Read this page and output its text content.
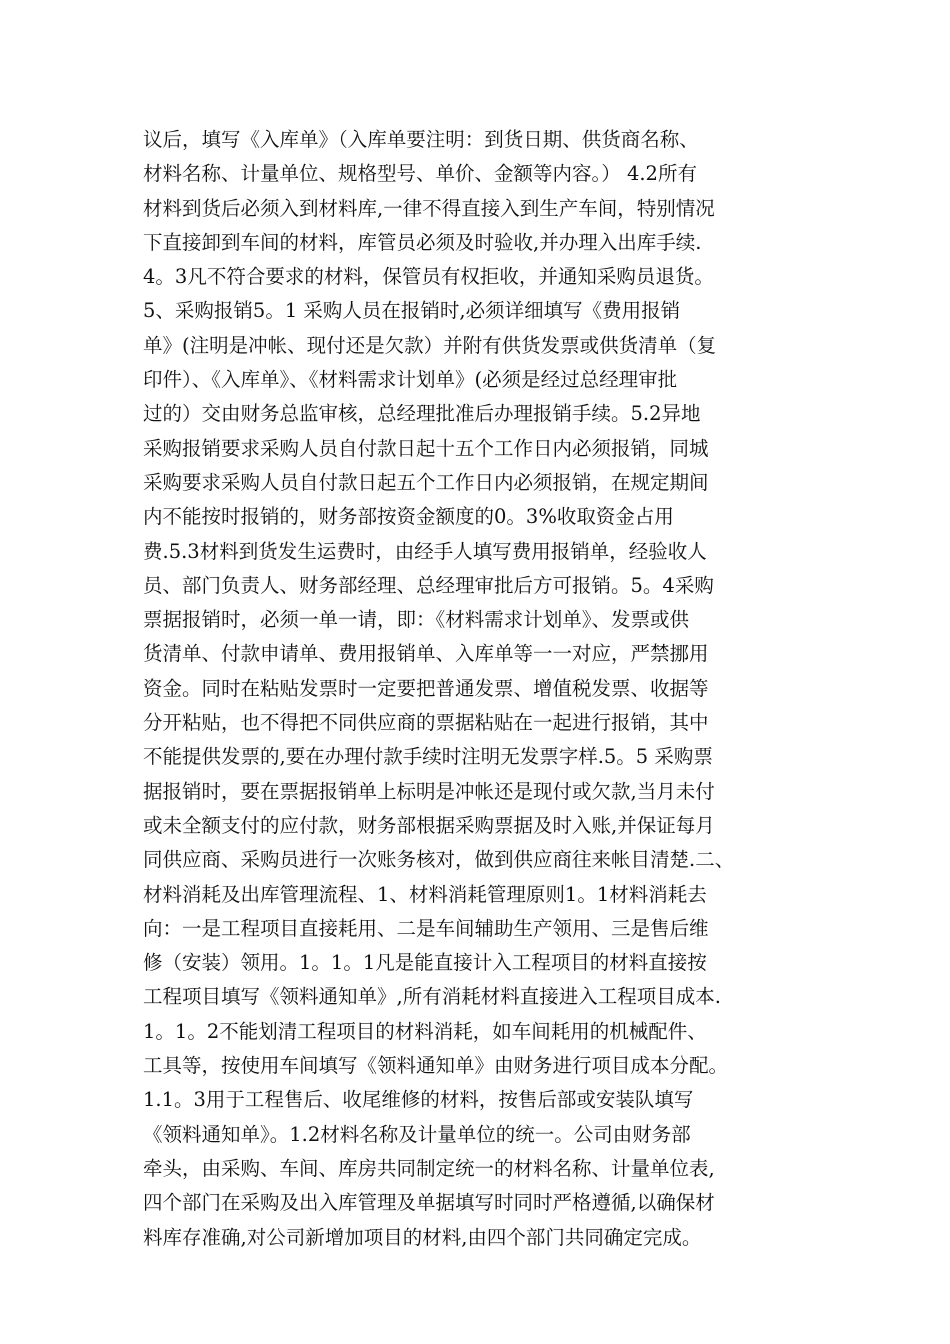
议后，填写《入库单》（入库单要注明：到货日期、供货商名称、
材料名称、计量单位、规格型号、单价、金额等内容。） 4.2所有
材料到货后必须入到材料库,一律不得直接入到生产车间，特别情况
下直接卸到车间的材料，库管员必须及时验收,并办理入出库手续.
4。3凡不符合要求的材料，保管员有权拒收，并通知采购员退货。
5、采购报销5。1 采购人员在报销时,必须详细填写《费用报销
单》(注明是冲帐、现付还是欠款）并附有供货发票或供货清单（复
印件）、《入库单》、《材料需求计划单》(必须是经过总经理审批
过的）交由财务总监审核，总经理批准后办理报销手续。5.2异地
采购报销要求采购人员自付款日起十五个工作日内必须报销，同城
采购要求采购人员自付款日起五个工作日内必须报销，在规定期间
内不能按时报销的，财务部按资金额度的0。3%收取资金占用
费.5.3材料到货发生运费时，由经手人填写费用报销单，经验收人
员、部门负责人、财务部经理、总经理审批后方可报销。5。4采购
票据报销时，必须一单一请，即：《材料需求计划单》、发票或供
货清单、付款申请单、费用报销单、入库单等一一对应，严禁挪用
资金。同时在粘贴发票时一定要把普通发票、增值税发票、收据等
分开粘贴，也不得把不同供应商的票据粘贴在一起进行报销，其中
不能提供发票的,要在办理付款手续时注明无发票字样.5。5 采购票
据报销时，要在票据报销单上标明是冲帐还是现付或欠款,当月未付
或未全额支付的应付款，财务部根据采购票据及时入账,并保证每月
同供应商、采购员进行一次账务核对，做到供应商往来帐目清楚.二、
材料消耗及出库管理流程、1、材料消耗管理原则1。1材料消耗去
向：一是工程项目直接耗用、二是车间辅助生产领用、三是售后维
修（安装）领用。1。1。1凡是能直接计入工程项目的材料直接按
工程项目填写《领料通知单》,所有消耗材料直接进入工程项目成本.
1。1。2不能划清工程项目的材料消耗，如车间耗用的机械配件、
工具等，按使用车间填写《领料通知单》由财务进行项目成本分配。
1.1。3用于工程售后、收尾维修的材料，按售后部或安装队填写
《领料通知单》。1.2材料名称及计量单位的统一。公司由财务部
牵头，由采购、车间、库房共同制定统一的材料名称、计量单位表,
四个部门在采购及出入库管理及单据填写时同时严格遵循,以确保材
料库存准确,对公司新增加项目的材料,由四个部门共同确定完成。
